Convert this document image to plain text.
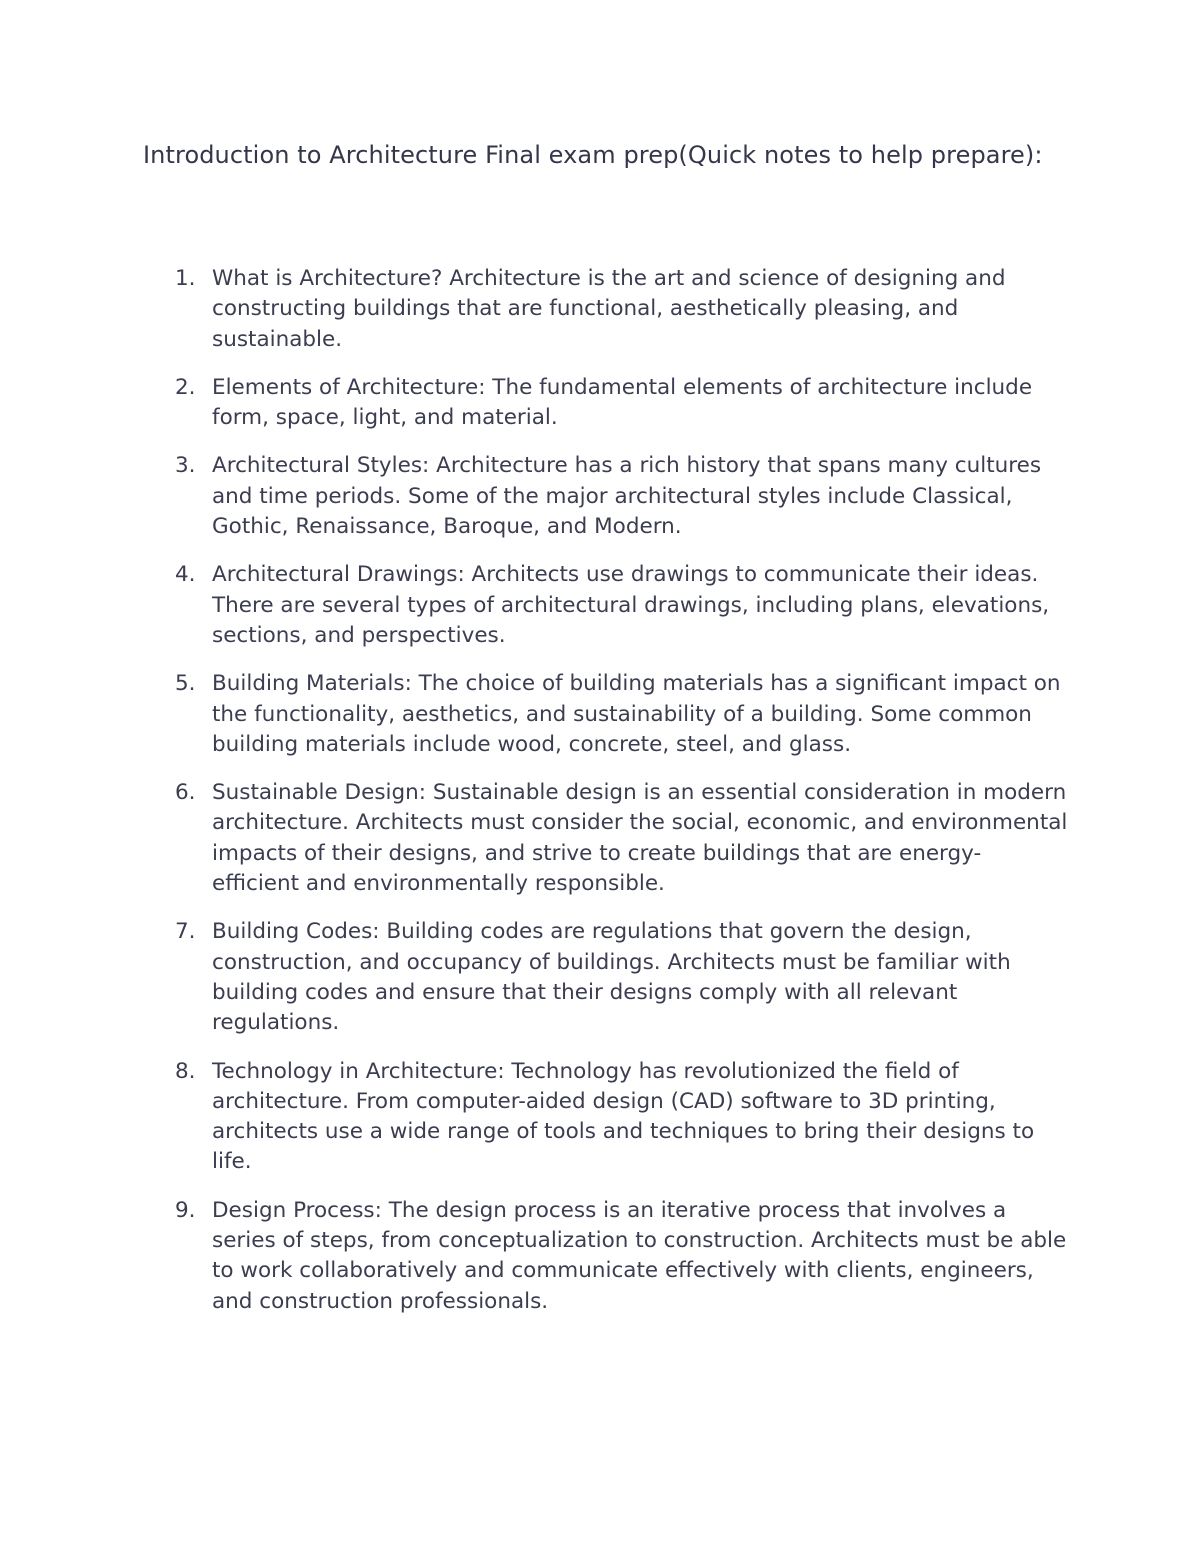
Introduction to Architecture Final exam prep(Quick notes to help prepare):
1. What is Architecture? Architecture is the art and science of designing and constructing buildings that are functional, aesthetically pleasing, and sustainable.
2. Elements of Architecture: The fundamental elements of architecture include form, space, light, and material.
3. Architectural Styles: Architecture has a rich history that spans many cultures and time periods. Some of the major architectural styles include Classical, Gothic, Renaissance, Baroque, and Modern.
4. Architectural Drawings: Architects use drawings to communicate their ideas. There are several types of architectural drawings, including plans, elevations, sections, and perspectives.
5. Building Materials: The choice of building materials has a significant impact on the functionality, aesthetics, and sustainability of a building. Some common building materials include wood, concrete, steel, and glass.
6. Sustainable Design: Sustainable design is an essential consideration in modern architecture. Architects must consider the social, economic, and environmental impacts of their designs, and strive to create buildings that are energy-efficient and environmentally responsible.
7. Building Codes: Building codes are regulations that govern the design, construction, and occupancy of buildings. Architects must be familiar with building codes and ensure that their designs comply with all relevant regulations.
8. Technology in Architecture: Technology has revolutionized the field of architecture. From computer-aided design (CAD) software to 3D printing, architects use a wide range of tools and techniques to bring their designs to life.
9. Design Process: The design process is an iterative process that involves a series of steps, from conceptualization to construction. Architects must be able to work collaboratively and communicate effectively with clients, engineers, and construction professionals.
